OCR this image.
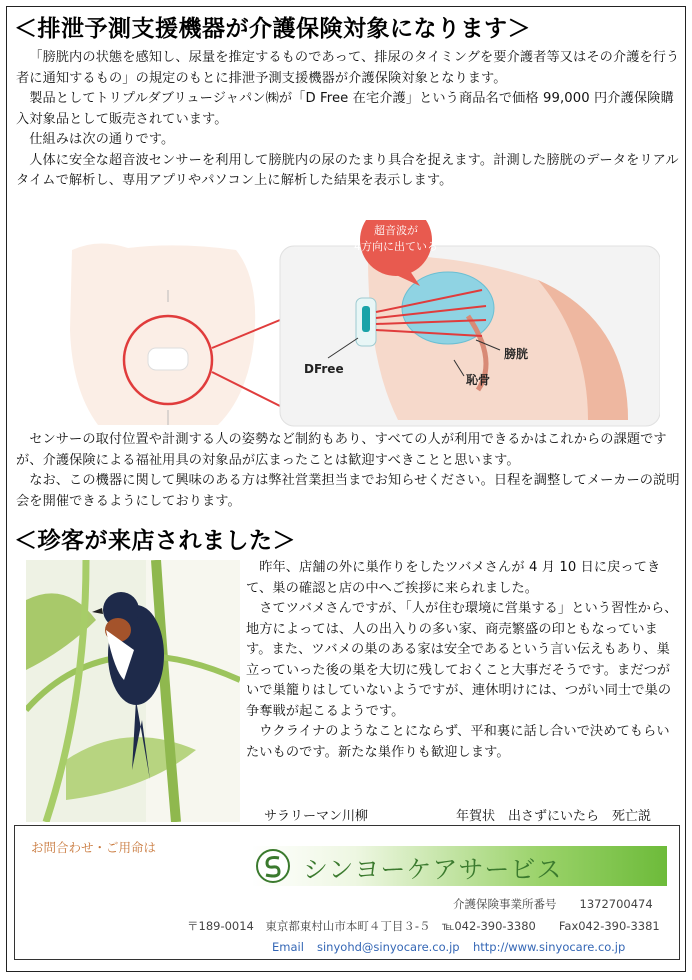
＜排泄予測支援機器が介護保険対象になります＞

「膀胱内の状態を感知し、尿量を推定するものであって、排尿のタイミングを要介護者等又はその介護を行う者に通知するもの」の規定のもとに排泄予測支援機器が介護保険対象となります。

製品としてトリプルダブリュージャパン㈱が「D Free 在宅介護」という商品名で価格 99,000 円介護保険購入対象品として販売されています。

仕組みは次の通りです。

人体に安全な超音波センサーを利用して膀胱内の尿のたまり具合を捉えます。計測した膀胱のデータをリアルタイムで解析し、専用アプリやパソコン上に解析した結果を表示します。

超音波が
4方向に出ている
DFree
膀胱
恥骨

センサーの取付位置や計測する人の姿勢など制約もあり、すべての人が利用できるかはこれからの課題ですが、介護保険による福祉用具の対象品が広まったことは歓迎すべきことと思います。

なお、この機器に関して興味のある方は弊社営業担当までお知らせください。日程を調整してメーカーの説明会を開催できるようにしております。

＜珍客が来店されました＞

昨年、店舗の外に巣作りをしたツバメさんが 4 月 10 日に戻ってきて、巣の確認と店の中へご挨拶に来られました。

さてツバメさんですが、「人が住む環境に営巣する」という習性から、地方によっては、人の出入りの多い家、商売繁盛の印ともなっています。また、ツバメの巣のある家は安全であるという言い伝えもあり、巣立っていった後の巣を大切に残しておくこと大事だそうです。まだつがいで巣籠りはしていないようですが、連休明けには、つがい同士で巣の争奪戦が起こるようです。

ウクライナのようなことにならず、平和裏に話し合いで決めてもらいたいものです。新たな巣作りも歓迎します。

サラリーマン川柳	年賀状　出さずにいたら　死亡説
お問合わせ・ご用命は
シンヨーケアサービス
介護保険事業所番号　　1372700474
〒189-0014　東京都東村山市本町４丁目３-５　℡042-390-3380　　Fax042-390-3381
Email sinyohd@sinyocare.co.jp http://www.sinyocare.co.jp
